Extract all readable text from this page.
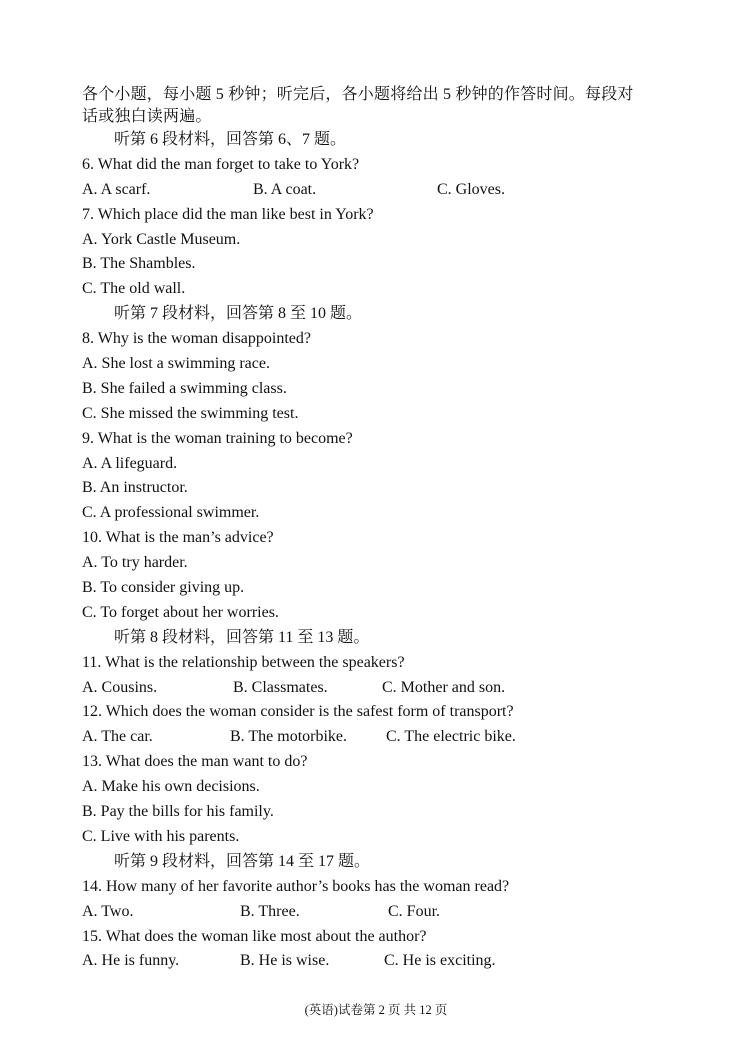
各个小题，每小题 5 秒钟；听完后，各小题将给出 5 秒钟的作答时间。每段对
话或独白读两遍。
听第 6 段材料，回答第 6、7 题。
6. What did the man forget to take to York?
A. A scarf.	B. A coat.	C. Gloves.
7. Which place did the man like best in York?
A. York Castle Museum.
B. The Shambles.
C. The old wall.
听第 7 段材料，回答第 8 至 10 题。
8. Why is the woman disappointed?
A. She lost a swimming race.
B. She failed a swimming class.
C. She missed the swimming test.
9. What is the woman training to become?
A. A lifeguard.
B. An instructor.
C. A professional swimmer.
10. What is the man’s advice?
A. To try harder.
B. To consider giving up.
C. To forget about her worries.
听第 8 段材料，回答第 11 至 13 题。
11. What is the relationship between the speakers?
A. Cousins.	B. Classmates.	C. Mother and son.
12. Which does the woman consider is the safest form of transport?
A. The car.	B. The motorbike. C. The electric bike.
13. What does the man want to do?
A. Make his own decisions.
B. Pay the bills for his family.
C. Live with his parents.
听第 9 段材料，回答第 14 至 17 题。
14. How many of her favorite author’s books has the woman read?
A. Two.	B. Three.	C. Four.
15. What does the woman like most about the author?
A. He is funny.	B. He is wise.	C. He is exciting.
(英语)试卷第 2 页 共 12 页
